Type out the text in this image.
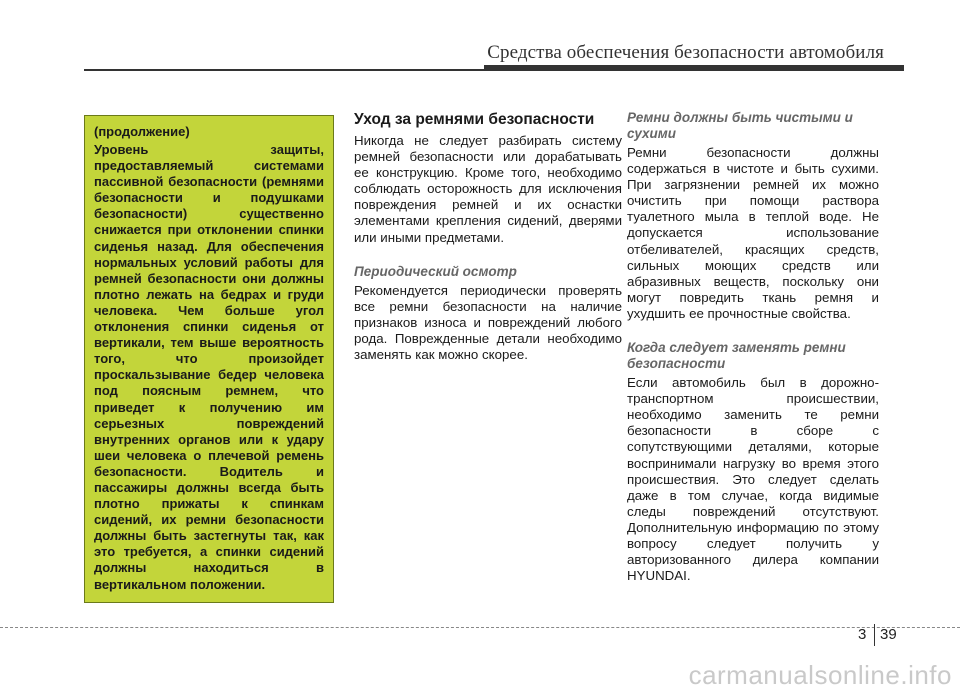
Средства обеспечения безопасности автомобиля

(продолжение)

Уровень защиты, предоставляемый системами пассивной безопасности (ремнями безопасности и подушками безопасности) существенно снижается при отклонении спинки сиденья назад. Для обеспечения нормальных условий работы для ремней безопасности они должны плотно лежать на бедрах и груди человека. Чем больше угол отклонения спинки сиденья от вертикали, тем выше вероятность того, что произойдет проскальзывание бедер человека под поясным ремнем, что приведет к получению им серьезных повреждений внутренних органов или к удару шеи человека о плечевой ремень безопасности. Водитель и пассажиры должны всегда быть плотно прижаты к спинкам сидений, их ремни безопасности должны быть застегнуты так, как это требуется, а спинки сидений должны находиться в вертикальном положении.

Уход за ремнями безопасности

Никогда не следует разбирать систему ремней безопасности или дорабатывать ее конструкцию. Кроме того, необходимо соблюдать осторожность для исключения повреждения ремней и их оснастки элементами крепления сидений, дверями или иными предметами.

Периодический осмотр

Рекомендуется периодически проверять все ремни безопасности на наличие признаков износа и повреждений любого рода. Поврежденные детали необходимо заменять как можно скорее.

Ремни должны быть чистыми и сухими

Ремни безопасности должны содержаться в чистоте и быть сухими. При загрязнении ремней их можно очистить при помощи раствора туалетного мыла в теплой воде. Не допускается использование отбеливателей, красящих средств, сильных моющих средств или абразивных веществ, поскольку они могут повредить ткань ремня и ухудшить ее прочностные свойства.

Когда следует заменять ремни безопасности

Если автомобиль был в дорожно-транспортном происшествии, необходимо заменить те ремни безопасности в сборе с сопутствующими деталями, которые воспринимали нагрузку во время этого происшествия. Это следует сделать даже в том случае, когда видимые следы повреждений отсутствуют. Дополнительную информацию по этому вопросу следует получить у авторизованного дилера компании HYUNDAI.

3 39
carmanualsonline.info
